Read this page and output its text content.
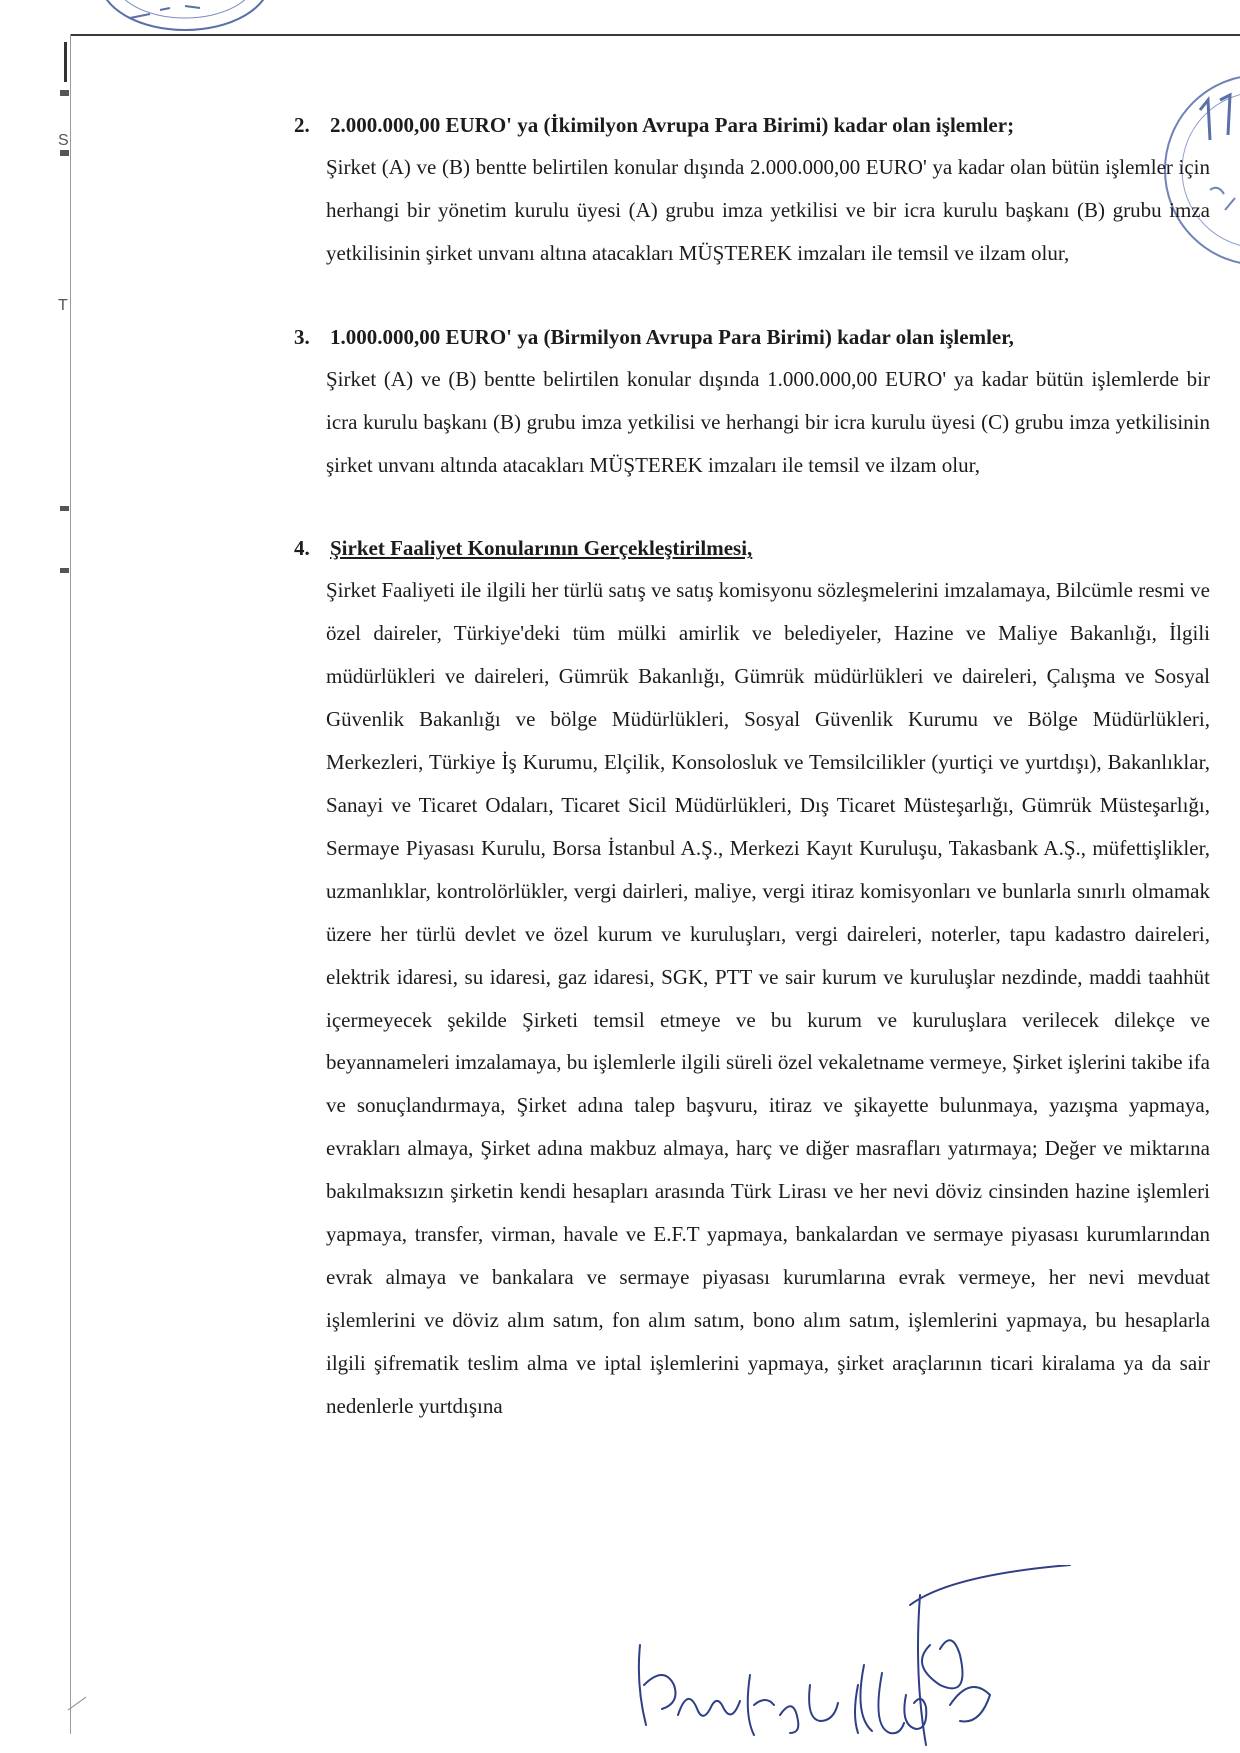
S
T
2. 2.000.000,00 EURO' ya (İkimilyon Avrupa Para Birimi) kadar olan işlemler;
Şirket (A) ve (B) bentte belirtilen konular dışında 2.000.000,00 EURO' ya kadar olan bütün işlemler için herhangi bir yönetim kurulu üyesi (A) grubu imza yetkilisi ve bir icra kurulu başkanı (B) grubu imza yetkilisinin şirket unvanı altına atacakları MÜŞTEREK imzaları ile temsil ve ilzam olur,
3. 1.000.000,00 EURO' ya (Birmilyon Avrupa Para Birimi) kadar olan işlemler,
Şirket (A) ve (B) bentte belirtilen konular dışında 1.000.000,00 EURO' ya kadar bütün işlemlerde bir icra kurulu başkanı (B) grubu imza yetkilisi ve herhangi bir icra kurulu üyesi (C) grubu imza yetkilisinin şirket unvanı altında atacakları MÜŞTEREK imzaları ile temsil ve ilzam olur,
4. Şirket Faaliyet Konularının Gerçekleştirilmesi,
Şirket Faaliyeti ile ilgili her türlü satış ve satış komisyonu sözleşmelerini imzalamaya, Bilcümle resmi ve özel daireler, Türkiye'deki tüm mülki amirlik ve belediyeler, Hazine ve Maliye Bakanlığı, İlgili müdürlükleri ve daireleri, Gümrük Bakanlığı, Gümrük müdürlükleri ve daireleri, Çalışma ve Sosyal Güvenlik Bakanlığı ve bölge Müdürlükleri, Sosyal Güvenlik Kurumu ve Bölge Müdürlükleri, Merkezleri, Türkiye İş Kurumu, Elçilik, Konsolosluk ve Temsilcilikler (yurtiçi ve yurtdışı), Bakanlıklar, Sanayi ve Ticaret Odaları, Ticaret Sicil Müdürlükleri, Dış Ticaret Müsteşarlığı, Gümrük Müsteşarlığı, Sermaye Piyasası Kurulu, Borsa İstanbul A.Ş., Merkezi Kayıt Kuruluşu, Takasbank A.Ş., müfettişlikler, uzmanlıklar, kontrolörlükler, vergi dairleri, maliye, vergi itiraz komisyonları ve bunlarla sınırlı olmamak üzere her türlü devlet ve özel kurum ve kuruluşları, vergi daireleri, noterler, tapu kadastro daireleri, elektrik idaresi, su idaresi, gaz idaresi, SGK, PTT ve sair kurum ve kuruluşlar nezdinde, maddi taahhüt içermeyecek şekilde Şirketi temsil etmeye ve bu kurum ve kuruluşlara verilecek dilekçe ve beyannameleri imzalamaya, bu işlemlerle ilgili süreli özel vekaletname vermeye, Şirket işlerini takibe ifa ve sonuçlandırmaya, Şirket adına talep başvuru, itiraz ve şikayette bulunmaya, yazışma yapmaya, evrakları almaya, Şirket adına makbuz almaya, harç ve diğer masrafları yatırmaya; Değer ve miktarına bakılmaksızın şirketin kendi hesapları arasında Türk Lirası ve her nevi döviz cinsinden hazine işlemleri yapmaya, transfer, virman, havale ve E.F.T yapmaya, bankalardan ve sermaye piyasası kurumlarından evrak almaya ve bankalara ve sermaye piyasası kurumlarına evrak vermeye, her nevi mevduat işlemlerini ve döviz alım satım, fon alım satım, bono alım satım, işlemlerini yapmaya, bu hesaplarla ilgili şifrematik teslim alma ve iptal işlemlerini yapmaya, şirket araçlarının ticari kiralama ya da sair nedenlerle yurtdışına
